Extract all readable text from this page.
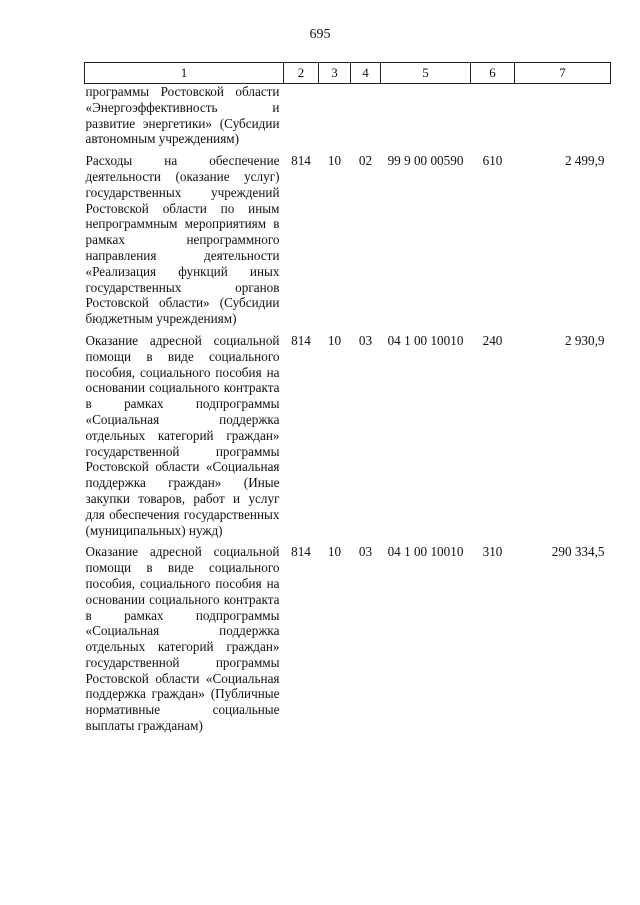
695
1	2	3	4	5	6	7
программы Ростовской области «Энергоэффективность и развитие энергетики» (Субсидии автономным учреждениям)						
Расходы на обеспечение деятельности (оказание услуг) государственных учреждений Ростовской области по иным непрограммным мероприятиям в рамках непрограммного направления деятельности «Реализация функций иных государственных органов Ростовской области» (Субсидии бюджетным учреждениям)	814	10	02	99 9 00 00590	610	2 499,9
Оказание адресной социальной помощи в виде социального пособия, социального пособия на основании социального контракта в рамках подпрограммы «Социальная поддержка отдельных категорий граждан» государственной программы Ростовской области «Социальная поддержка граждан» (Иные закупки товаров, работ и услуг для обеспечения государственных (муниципальных) нужд)	814	10	03	04 1 00 10010	240	2 930,9
Оказание адресной социальной помощи в виде социального пособия, социального пособия на основании социального контракта в рамках подпрограммы «Социальная поддержка отдельных категорий граждан» государственной программы Ростовской области «Социальная поддержка граждан» (Публичные нормативные социальные выплаты гражданам)	814	10	03	04 1 00 10010	310	290 334,5
